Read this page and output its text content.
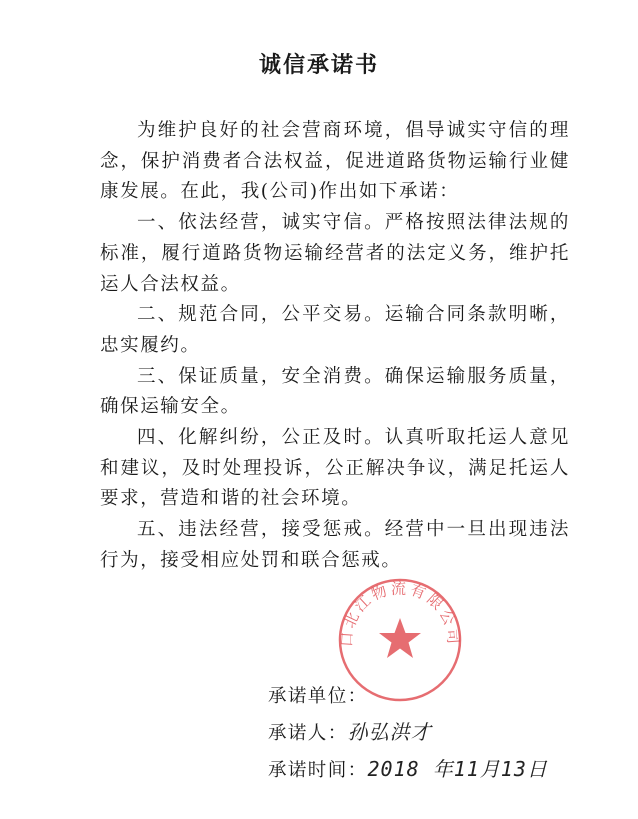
诚信承诺书

为维护良好的社会营商环境，倡导诚实守信的理念，保护消费者合法权益，促进道路货物运输行业健康发展。在此，我(公司)作出如下承诺：

一、依法经营，诚实守信。严格按照法律法规的标准，履行道路货物运输经营者的法定义务，维护托运人合法权益。

二、规范合同，公平交易。运输合同条款明晰，忠实履约。

三、保证质量，安全消费。确保运输服务质量，确保运输安全。

四、化解纠纷，公正及时。认真听取托运人意见和建议，及时处理投诉，公正解决争议，满足托运人要求，营造和谐的社会环境。

五、违法经营，接受惩戒。经营中一旦出现违法行为，接受相应处罚和联合惩戒。

口北江物流有限公司
承诺单位：
承诺人：孙弘洪才
承诺时间：2018 年11月13日
